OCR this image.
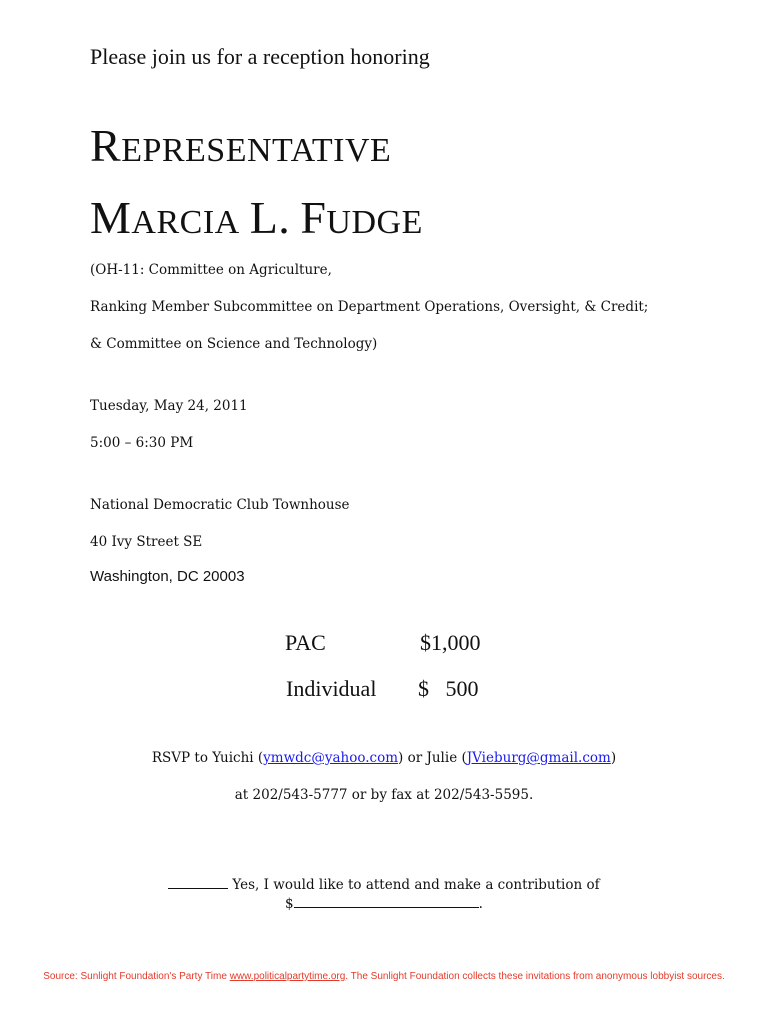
Please join us for a reception honoring
REPRESENTATIVE
MARCIA L. FUDGE
(OH-11: Committee on Agriculture,
Ranking Member Subcommittee on Department Operations, Oversight, & Credit;
& Committee on Science and Technology)
Tuesday, May 24, 2011
5:00 – 6:30 PM
National Democratic Club Townhouse
40 Ivy Street SE
Washington, DC 20003
PAC	$1,000
Individual $   500
RSVP to Yuichi (ymwdc@yahoo.com) or Julie (JVieburg@gmail.com)
at 202/543-5777 or by fax at 202/543-5595.
Yes, I would like to attend and make a contribution of
$	.
Source: Sunlight Foundation's Party Time www.politicalpartytime.org. The Sunlight Foundation collects these invitations from anonymous lobbyist sources.
